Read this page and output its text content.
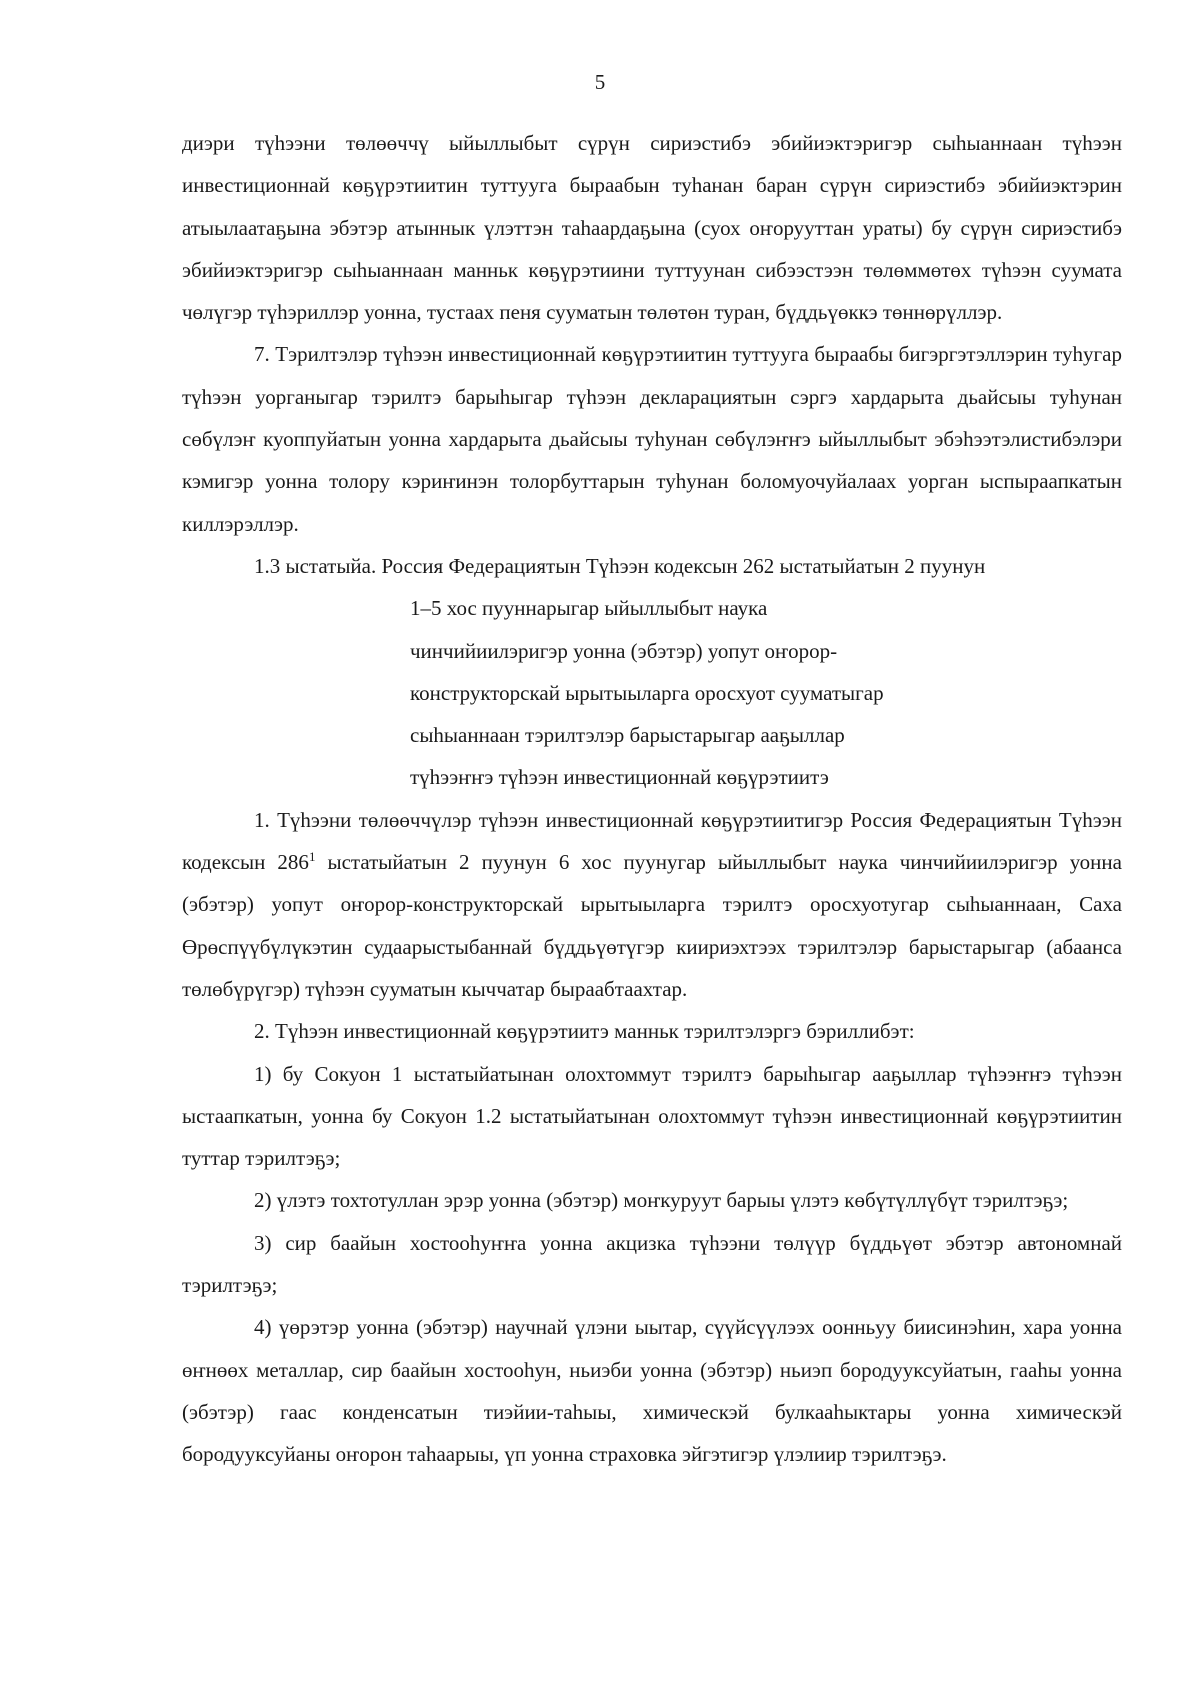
5

диэри түһээни төлөөччү ыйыллыбыт сүрүн сириэстибэ эбийиэктэригэр сыһыаннаан түһээн инвестиционнай көҕүрэтиитин туттууга быраабын туһанан баран сүрүн сириэстибэ эбийиэктэрин атыылаатаҕына эбэтэр атыннык үлэттэн таһаардаҕына (суох оҥорууттан ураты) бу сүрүн сириэстибэ эбийиэктэригэр сыһыаннаан манньк көҕүрэтиини туттуунан сибээстээн төлөммөтөх түһээн суумата чөлүгэр түһэриллэр уонна, тустаах пеня сууматын төлөтөн туран, бүддьүөккэ төннөрүллэр.

7. Тэрилтэлэр түһээн инвестиционнай көҕүрэтиитин туттууга быраабы бигэргэтэллэрин туһугар түһээн уорганыгар тэрилтэ барыһыгар түһээн декларациятын сэргэ хардарыта дьайсыы туһунан сөбүлэҥ куоппуйатын уонна хардарыта дьайсыы туһунан сөбүлэҥҥэ ыйыллыбыт эбэһээтэлистибэлэри кэмигэр уонна толору кэриҥинэн толорбуттарын туһунан боломуочуйалаах уорган ыспыраапкатын киллэрэллэр.

1.3 ыстатыйа. Россия Федерациятын Түһээн кодексын 262 ыстатыйатын 2 пуунун

1–5 хос пууннарыгар ыйыллыбыт наука чинчийиилэригэр уонна (эбэтэр) уопут оҥорор-конструкторскай ырытыыларга оросхуот сууматыгар сыһыаннаан тэрилтэлэр барыстарыгар ааҕыллар түһээҥҥэ түһээн инвестиционнай көҕүрэтиитэ

1. Түһээни төлөөччүлэр түһээн инвестиционнай көҕүрэтиитигэр Россия Федерациятын Түһээн кодексын $286^1$ ыстатыйатын 2 пуунун 6 хос пуунугар ыйыллыбыт наука чинчийиилэригэр уонна (эбэтэр) уопут оҥорор-конструкторскай ырытыыларга тэрилтэ оросхуотугар сыһыаннаан, Саха Өрөспүүбүлүкэтин судаарыстыбаннай бүддьүөтүгэр киириэхтээх тэрилтэлэр барыстарыгар (абаанса төлөбүрүгэр) түһээн сууматын кыччатар быраабтаахтар.

2. Түһээн инвестиционнай көҕүрэтиитэ манньк тэрилтэлэргэ бэриллибэт:

1) бу Сокуон 1 ыстатыйатынан олохтоммут тэрилтэ барыһыгар ааҕыллар түһээҥҥэ түһээн ыстаапкатын, уонна бу Сокуон 1.2 ыстатыйатынан олохтоммут түһээн инвестиционнай көҕүрэтиитин туттар тэрилтэҕэ;

2) үлэтэ тохтотуллан эрэр уонна (эбэтэр) моҥкуруут барыы үлэтэ көбүтүллүбүт тэрилтэҕэ;

3) сир баайын хостооһуҥҥа уонна акцизка түһээни төлүүр бүддьүөт эбэтэр автономнай тэрилтэҕэ;

4) үөрэтэр уонна (эбэтэр) научнай үлэни ыытар, сүүйсүүлээх оонньуу биисинэһин, хара уонна өҥнөөх металлар, сир баайын хостооһун, ньиэби уонна (эбэтэр) ньиэп бородууксуйатын, гааһы уонна (эбэтэр) гаас конденсатын тиэйии-таһыы, химическэй булкааһыктары уонна химическэй бородууксуйаны оҥорон таһаарыы, үп уонна страховка эйгэтигэр үлэлиир тэрилтэҕэ.
